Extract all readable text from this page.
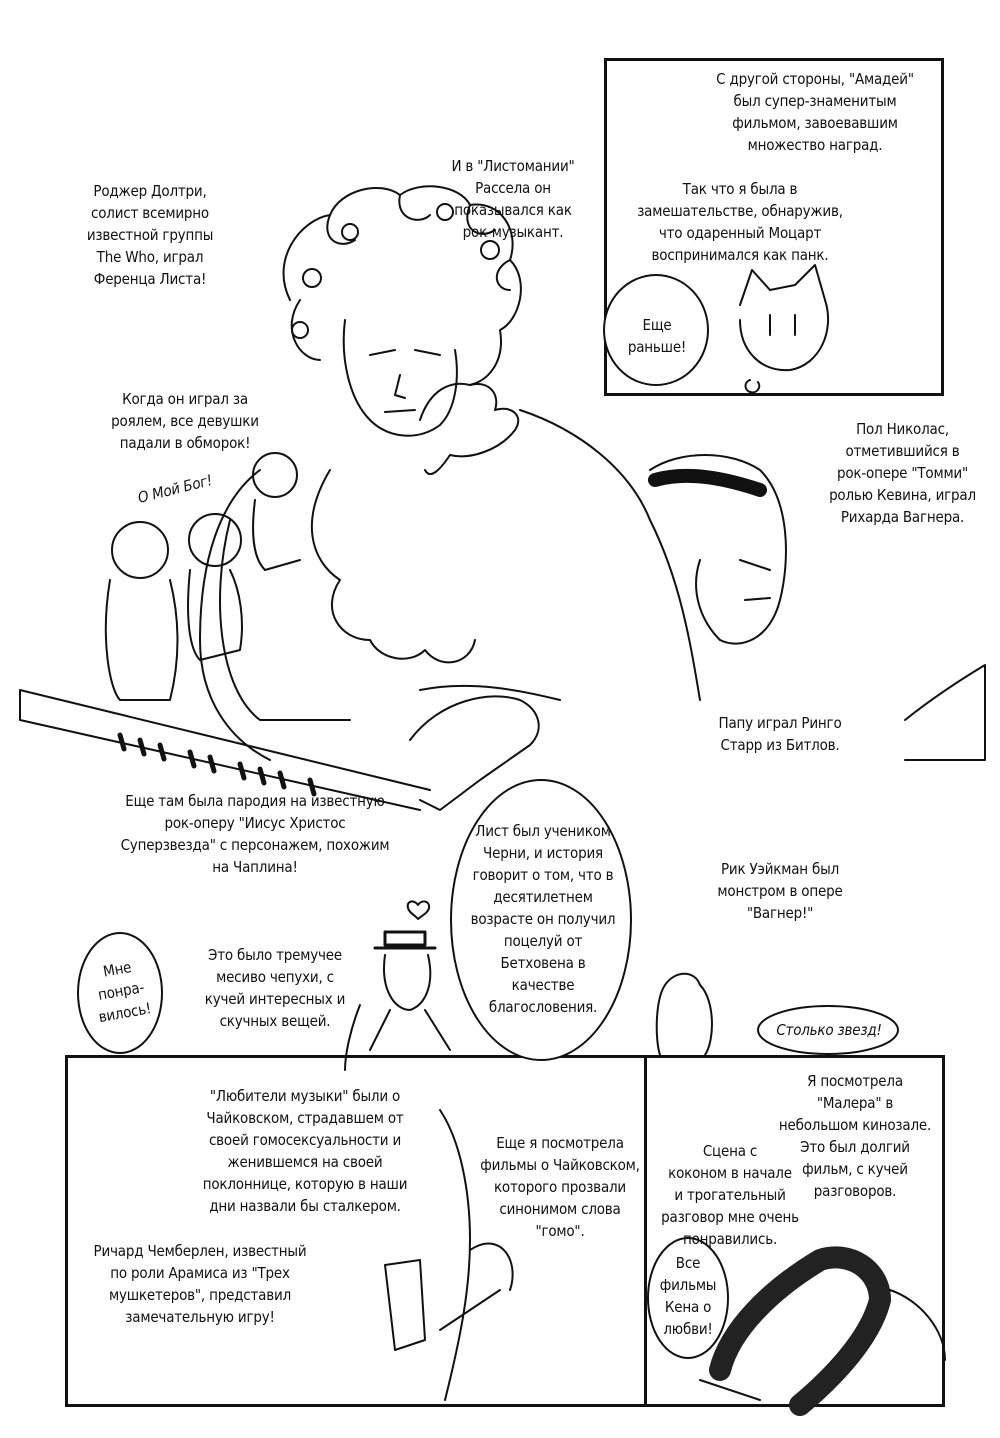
Роджер Долтри,
солист всемирно
известной группы
The Who, играл
Ференца Листа!
И в "Листомании"
Рассела он
показывался как
рок-музыкант.
С другой стороны, "Амадей"
был супер-знаменитым
фильмом, завоевавшим
множество наград.
Так что я была в
замешательстве, обнаружив,
что одаренный Моцарт
воспринимался как панк.
Еще
раньше!
Когда он играл за
роялем, все девушки
падали в обморок!
О Мой Бог!
Пол Николас,
отметившийся в
рок-опере "Томми"
ролью Кевина, играл
Рихарда Вагнера.
Папу играл Ринго
Старр из Битлов.
Еще там была пародия на известную
рок-оперу "Иисус Христос
Суперзвезда" с персонажем, похожим
на Чаплина!
Лист был учеником
Черни, и история
говорит о том, что в
десятилетнем
возрасте он получил
поцелуй от
Бетховена в
качестве
благословения.
Рик Уэйкман был
монстром в опере
"Вагнер!"
Мне
понра-
вилось!
Это было тремучее
месиво чепухи, с
кучей интересных и
скучных вещей.	Столько звезд!
"Любители музыки" были о
Чайковском, страдавшем от
своей гомосексуальности и
женившемся на своей
поклоннице, которую в наши
дни назвали бы сталкером.
Еще я посмотрела
фильмы о Чайковском,
которого прозвали
синонимом слова
"гомо".
Ричард Чемберлен, известный
по роли Арамиса из "Трех
мушкетеров", представил
замечательную игру!
Я посмотрела
"Малера" в
небольшом кинозале.
Это был долгий
фильм, с кучей
разговоров.
Сцена с
коконом в начале
и трогательный
разговор мне очень
понравились.
Все
фильмы
Кена о
любви!
